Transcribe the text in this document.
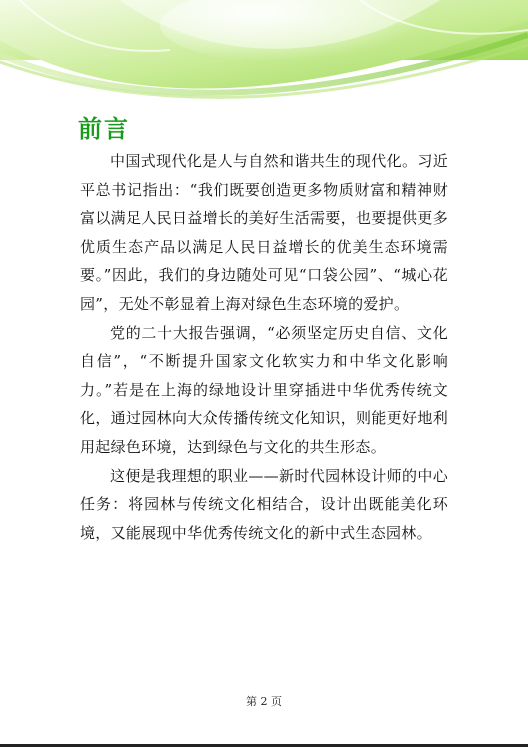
前言

中国式现代化是人与自然和谐共生的现代化。习近平总书记指出：“我们既要创造更多物质财富和精神财富以满足人民日益增长的美好生活需要，也要提供更多优质生态产品以满足人民日益增长的优美生态环境需要。”因此，我们的身边随处可见“口袋公园”、“城心花园”，无处不彰显着上海对绿色生态环境的爱护。

党的二十大报告强调，“必须坚定历史自信、文化自信”，“不断提升国家文化软实力和中华文化影响力。”若是在上海的绿地设计里穿插进中华优秀传统文化，通过园林向大众传播传统文化知识，则能更好地利用起绿色环境，达到绿色与文化的共生形态。

这便是我理想的职业——新时代园林设计师的中心任务：将园林与传统文化相结合，设计出既能美化环境，又能展现中华优秀传统文化的新中式生态园林。

第 2 页
